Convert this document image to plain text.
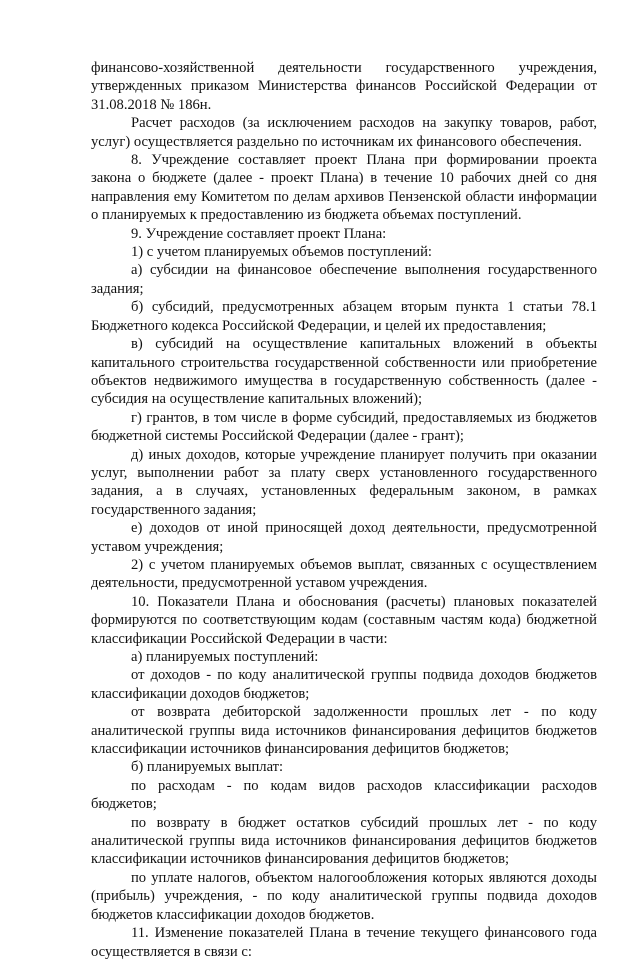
финансово-хозяйственной деятельности государственного учреждения, утвержденных приказом Министерства финансов Российской Федерации от 31.08.2018 № 186н.

Расчет расходов (за исключением расходов на закупку товаров, работ, услуг) осуществляется раздельно по источникам их финансового обеспечения.

8. Учреждение составляет проект Плана при формировании проекта закона о бюджете (далее - проект Плана) в течение 10 рабочих дней со дня направления ему Комитетом по делам архивов Пензенской области информации о планируемых к предоставлению из бюджета объемах поступлений.

9. Учреждение составляет проект Плана:

1) с учетом планируемых объемов поступлений:

а) субсидии на финансовое обеспечение выполнения государственного задания;

б) субсидий, предусмотренных абзацем вторым пункта 1 статьи 78.1 Бюджетного кодекса Российской Федерации, и целей их предоставления;

в) субсидий на осуществление капитальных вложений в объекты капитального строительства государственной собственности или приобретение объектов недвижимого имущества в государственную собственность (далее - субсидия на осуществление капитальных вложений);

г) грантов, в том числе в форме субсидий, предоставляемых из бюджетов бюджетной системы Российской Федерации (далее - грант);

д) иных доходов, которые учреждение планирует получить при оказании услуг, выполнении работ за плату сверх установленного государственного задания, а в случаях, установленных федеральным законом, в рамках государственного задания;

е) доходов от иной приносящей доход деятельности, предусмотренной уставом учреждения;

2) с учетом планируемых объемов выплат, связанных с осуществлением деятельности, предусмотренной уставом учреждения.

10. Показатели Плана и обоснования (расчеты) плановых показателей формируются по соответствующим кодам (составным частям кода) бюджетной классификации Российской Федерации в части:

а) планируемых поступлений:

от доходов - по коду аналитической группы подвида доходов бюджетов классификации доходов бюджетов;

от возврата дебиторской задолженности прошлых лет - по коду аналитической группы вида источников финансирования дефицитов бюджетов классификации источников финансирования дефицитов бюджетов;

б) планируемых выплат:

по расходам - по кодам видов расходов классификации расходов бюджетов;

по возврату в бюджет остатков субсидий прошлых лет - по коду аналитической группы вида источников финансирования дефицитов бюджетов классификации источников финансирования дефицитов бюджетов;

по уплате налогов, объектом налогообложения которых являются доходы (прибыль) учреждения, - по коду аналитической группы подвида доходов бюджетов классификации доходов бюджетов.

11. Изменение показателей Плана в течение текущего финансового года осуществляется в связи с:
